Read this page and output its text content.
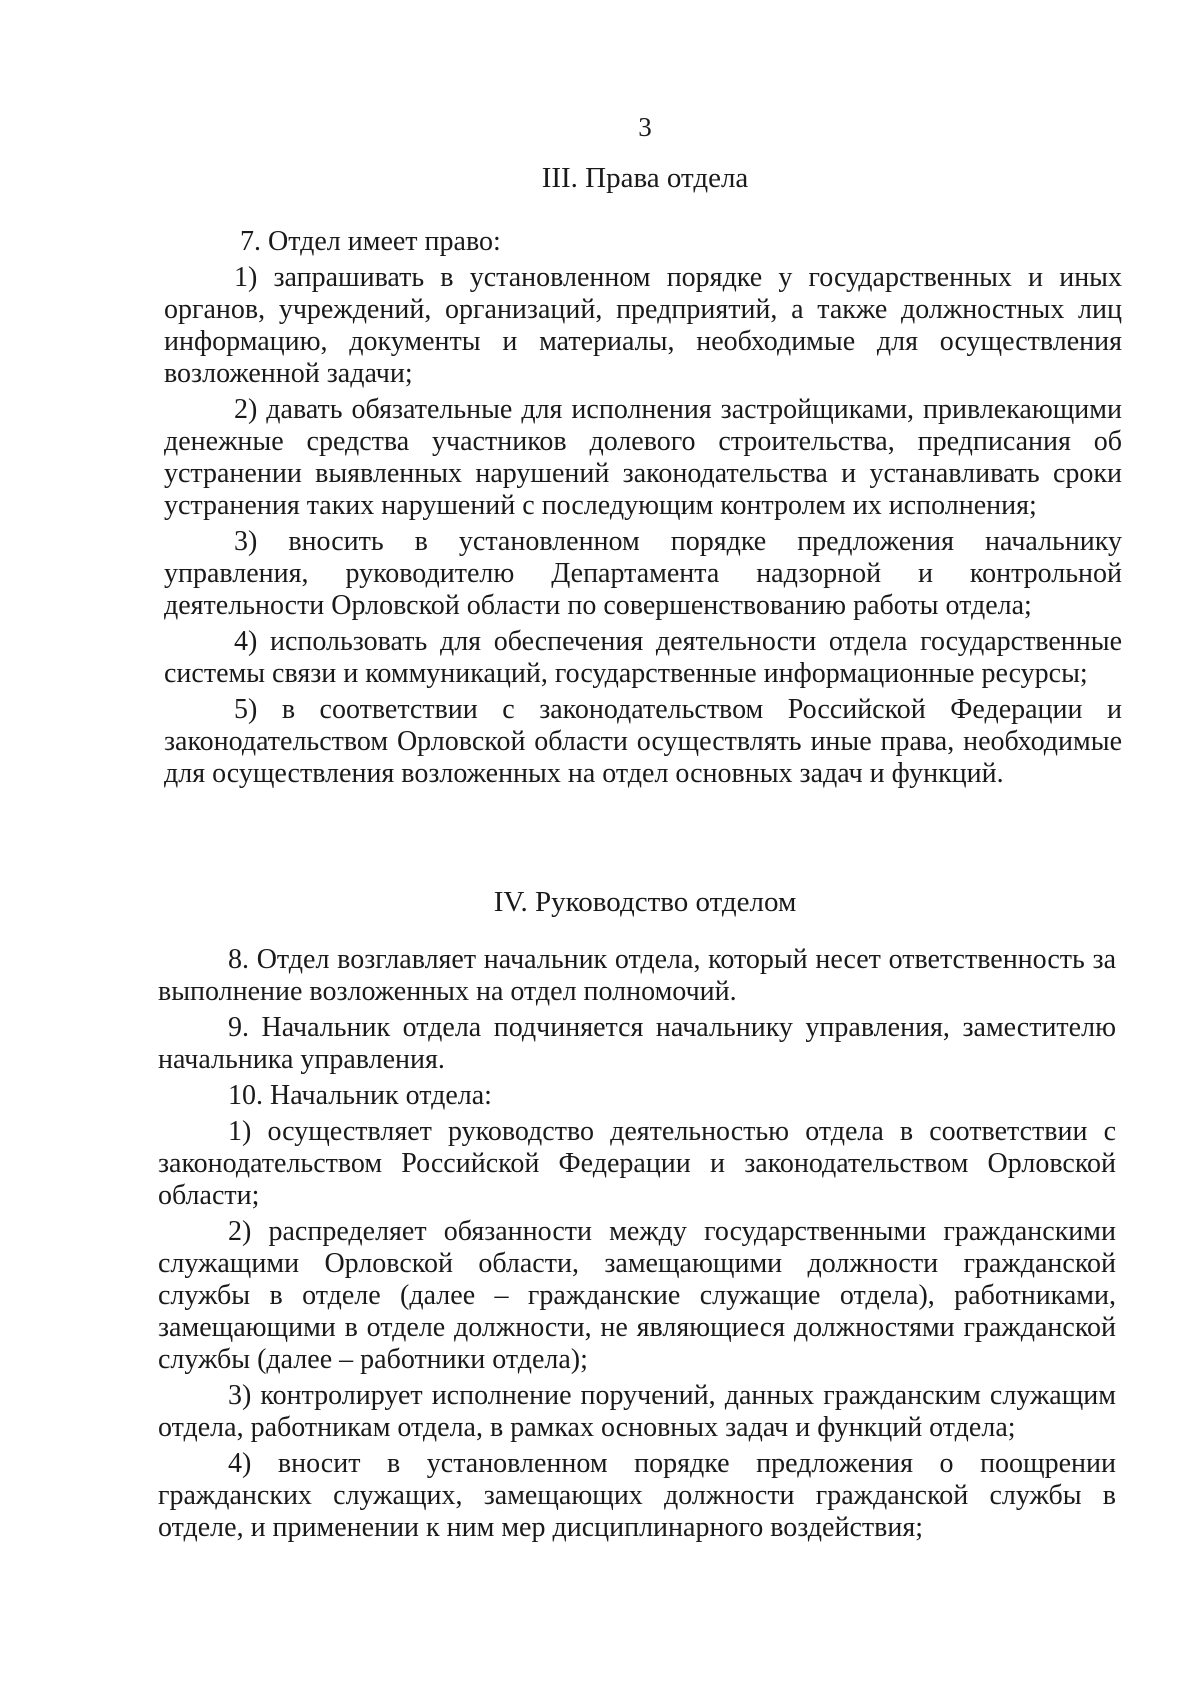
3
III. Права отдела

7. Отдел имеет право:

1) запрашивать в установленном порядке у государственных и иных органов, учреждений, организаций, предприятий, а также должностных лиц информацию, документы и материалы, необходимые для осуществления возложенной задачи;

2) давать обязательные для исполнения застройщиками, привлекающими денежные средства участников долевого строительства, предписания об устранении выявленных нарушений законодательства и устанавливать сроки устранения таких нарушений с последующим контролем их исполнения;

3) вносить в установленном порядке предложения начальнику управления, руководителю Департамента надзорной и контрольной деятельности Орловской области по совершенствованию работы отдела;

4) использовать для обеспечения деятельности отдела государственные системы связи и коммуникаций, государственные информационные ресурсы;

5) в соответствии с законодательством Российской Федерации и законодательством Орловской области осуществлять иные права, необходимые для осуществления возложенных на отдел основных задач и функций.

IV. Руководство отделом

8. Отдел возглавляет начальник отдела, который несет ответственность за выполнение возложенных на отдел полномочий.

9. Начальник отдела подчиняется начальнику управления, заместителю начальника управления.

10. Начальник отдела:

1) осуществляет руководство деятельностью отдела в соответствии с законодательством Российской Федерации и законодательством Орловской области;

2) распределяет обязанности между государственными гражданскими служащими Орловской области, замещающими должности гражданской службы в отделе (далее – гражданские служащие отдела), работниками, замещающими в отделе должности, не являющиеся должностями гражданской службы (далее – работники отдела);

3) контролирует исполнение поручений, данных гражданским служащим отдела, работникам отдела, в рамках основных задач и функций отдела;

4) вносит в установленном порядке предложения о поощрении гражданских служащих, замещающих должности гражданской службы в отделе, и применении к ним мер дисциплинарного воздействия;
